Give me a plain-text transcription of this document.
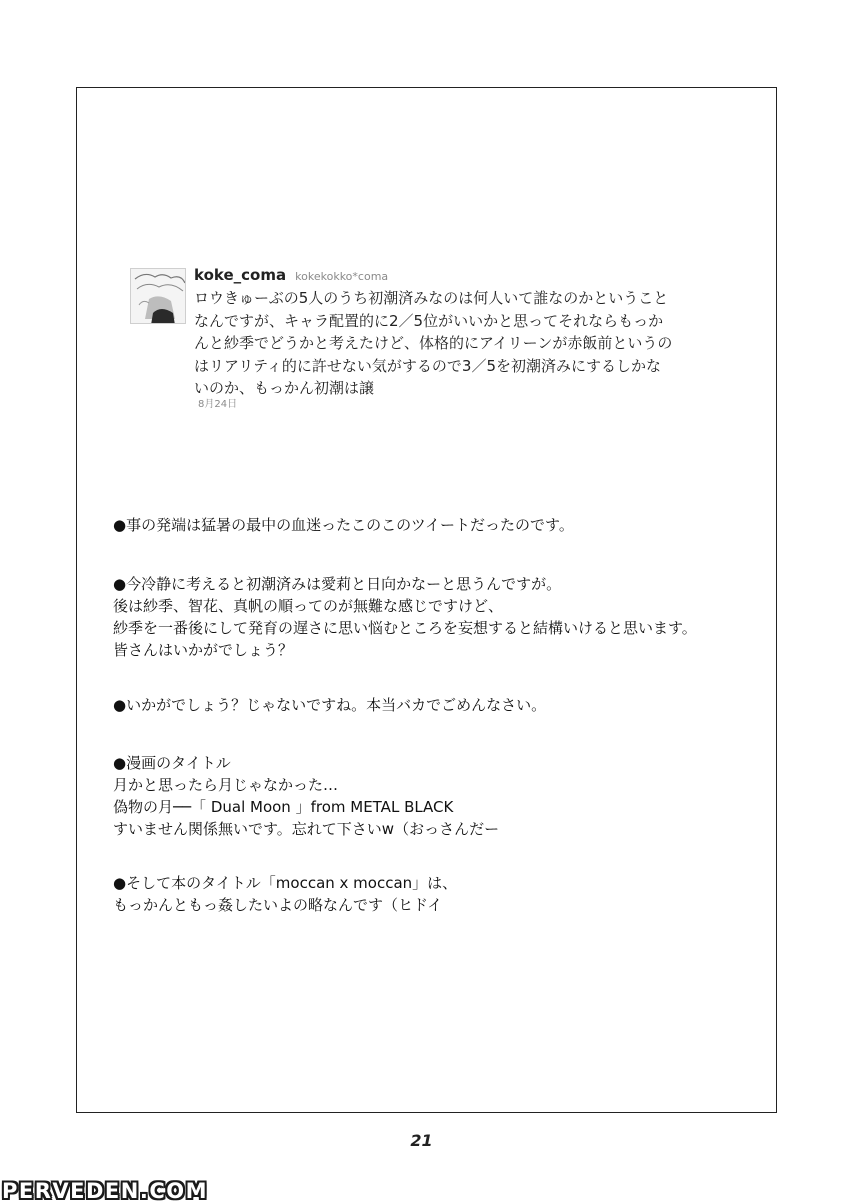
koke_coma kokekokko*coma
ロウきゅーぶの5人のうち初潮済みなのは何人いて誰なのかということ
なんですが、キャラ配置的に2／5位がいいかと思ってそれならもっか
んと紗季でどうかと考えたけど、体格的にアイリーンが赤飯前というの
はリアリティ的に許せない気がするので3／5を初潮済みにするしかな
いのか、もっかん初潮は譲
8月24日

●事の発端は猛暑の最中の血迷ったこのこのツイートだったのです。

●今冷静に考えると初潮済みは愛莉と日向かなーと思うんですが。

後は紗季、智花、真帆の順ってのが無難な感じですけど、

紗季を一番後にして発育の遅さに思い悩むところを妄想すると結構いけると思います。

皆さんはいかがでしょう？

●いかがでしょう？じゃないですね。本当バカでごめんなさい。

●漫画のタイトル

月かと思ったら月じゃなかった…

偽物の月──「 Dual Moon 」from METAL BLACK

すいません関係無いです。忘れて下さいw（おっさんだー

●そして本のタイトル「moccan x moccan」は、

もっかんともっ姦したいよの略なんです（ヒドイ

21
PERVEDEN.COM
